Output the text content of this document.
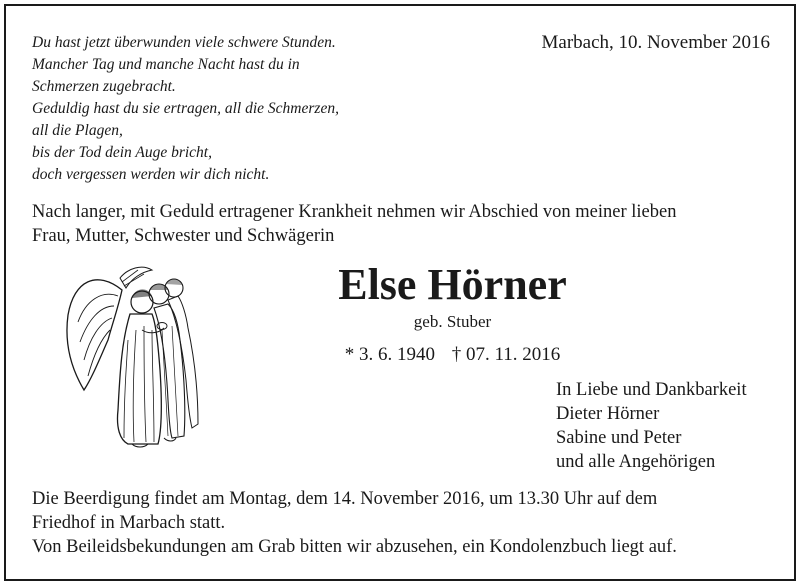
Du hast jetzt überwunden viele schwere Stunden.
Mancher Tag und manche Nacht hast du in
Schmerzen zugebracht.
Geduldig hast du sie ertragen, all die Schmerzen,
all die Plagen,
bis der Tod dein Auge bricht,
doch vergessen werden wir dich nicht.
Marbach, 10. November 2016
Nach langer, mit Geduld ertragener Krankheit nehmen wir Abschied von meiner lieben
Frau, Mutter, Schwester und Schwägerin
Else Hörner
geb. Stuber
* 3. 6. 1940 † 07. 11. 2016
In Liebe und Dankbarkeit
Dieter Hörner
Sabine und Peter
und alle Angehörigen
Die Beerdigung findet am Montag, dem 14. November 2016, um 13.30 Uhr auf dem
Friedhof in Marbach statt.
Von Beileidsbekundungen am Grab bitten wir abzusehen, ein Kondolenzbuch liegt auf.
